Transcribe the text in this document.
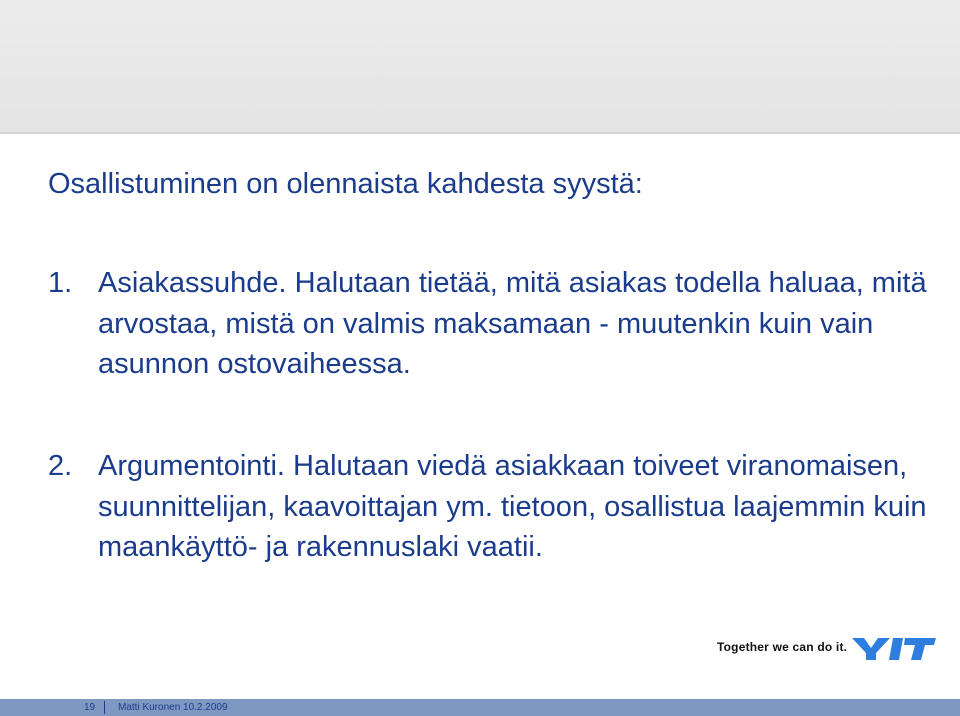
Osallistuminen on olennaista kahdesta syystä:
1. Asiakassuhde. Halutaan tietää, mitä asiakas todella haluaa, mitä arvostaa, mistä on valmis maksamaan - muutenkin kuin vain asunnon ostovaiheessa.
2. Argumentointi. Halutaan viedä asiakkaan toiveet viranomaisen, suunnittelijan, kaavoittajan ym. tietoon, osallistua laajemmin kuin maankäyttö- ja rakennuslaki vaatii.
Together we can do it.
19 Matti Kuronen 10.2.2009
